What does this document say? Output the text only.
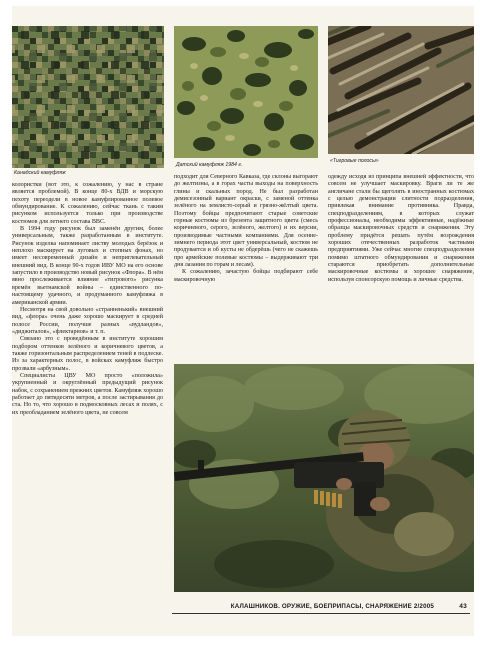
Канадский камуфляж
Датский камуфляж 1984 г.
«Тигровые полосы»

колористки (вот это, к сожалению, у нас в стране является проблемой). В конце 80-х ВДВ и морскую пехоту переодели в новое камуфлированное полевое обмундирование. К сожалению, сейчас ткань с таким рисунком используется только при производстве костюмов для летнего состава ВВС.

В 1994 году рисунок был заменён другим, более универсальным, также разработанным в институте. Рисунок изделка напоминает листву молодых берёзок и неплохо маскирует на луговых и степных фонах, но имеет несовременный дизайн и неприглекательный внешний вид. В конце 90-х годов ИВУ МО на его основе запустило в производство новый рисунок «Флора». В нём явно прослеживается влияние «тигрового» рисунка времён вьетнамской войны – единственного по-настоящему удачного, и продуманного камуфляжа в американской армии.

Несмотря на свой довольно «странненький» внешний вид, «флора» очень даже хорошо маскирует в средней полосе России, получше разных «вудландов», «диджиталов», «флектарнов» и т. п.

Связано это с проведённым в институте хорошим подбором оттенков зелёного и коричневого цветов, а также горизонтальным распределением теней в подлеске. Из за характерных полос, в войсках камуфляж быстро прозвали «арбузным».

Специалисты ЦВУ МО просто «положила» укрупненный и округлённый предыдущий рисунок набок, с сохранением прежних цветов. Камуфляж хорошо работает до пятидесяти метров, а после застирывания до ста. Но то, что хорошо в подмосковных лесах и полях, с их преобладанием зелёного цвета, не совсем

подходит для Северного Кавказа, где склоны выгорают до желтизны, а в горах часты выходы на поверхность глины и скальных пород. Не был разработан демисезонный вариант окраски, с заменой оттенка зелёного на землисто-серый и грязно-жёлтый цвета. Поэтому бойцы предпочитают старые советские горные костюмы из брезента защитного цвета (смесь коричневого, серого, зелёного, желтого) и их версии, производимые частными компаниями. Для осенне-зимнего периода этот цвет универсальный, костюм не продувается и об кусты не обдерёшь (чего не скажешь про армейские полевые костюмы – выдерживают три дня лазания по горам и лесам).

К сожалению, зачастую бойцы подбирают себе маскировочную

одежду исходя из принципа внешней эффектности, что совсем не улучшает маскировку. Враги ли те же англичане стали бы щеголять в иностранных костюмах с целью демонстрации слитности подразделения, привлекая внимание противника. Правда, спецподразделениям, в которых служат профессионалы, необходимы эффективные, надёжные образцы маскировочных средств и снаряжения. Эту проблему придётся решать путём возрождения хороших отечественных разработок частными предприятиями. Уже сейчас многие спецподразделения помимо штатного обмундирования и снаряжения стараются приобретать дополнительные маскировочные костюмы и хорошее снаряжение, используя спонсорскую помощь и личные средства.

КАЛАШНИКОВ. ОРУЖИЕ, БОЕПРИПАСЫ, СНАРЯЖЕНИЕ 2/2005	43
